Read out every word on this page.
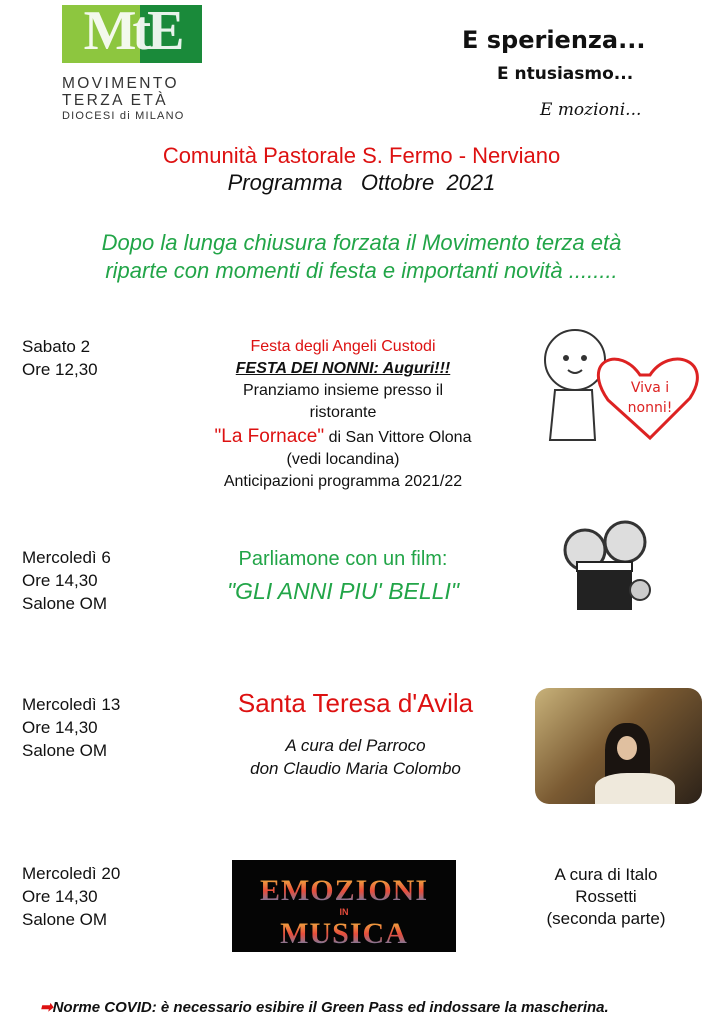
MtE
MOVIMENTO
TERZA ETÀ
DIOCESI di MILANO
E sperienza...
E ntusiasmo...
E mozioni...
Comunità Pastorale S. Fermo - Nerviano
Programma   Ottobre  2021
Dopo la lunga chiusura forzata il Movimento terza età
riparte con momenti di festa e importanti novità ........
Sabato 2
Ore 12,30
Festa degli Angeli Custodi
FESTA DEI NONNI: Auguri!!!
Pranziamo insieme presso il
ristorante
"La Fornace" di San Vittore Olona
(vedi locandina)
Anticipazioni programma 2021/22
Viva i
nonni!
Mercoledì 6
Ore 14,30
Salone OM
Parliamone con un film:
"GLI ANNI PIU' BELLI"
Mercoledì 13
Ore 14,30
Salone OM
Santa Teresa d'Avila
A cura del Parroco
don Claudio Maria Colombo
Mercoledì 20
Ore 14,30
Salone OM
EMOZIONI
IN
MUSICA
A cura di Italo
Rossetti
(seconda parte)
➡Norme COVID: è necessario esibire il Green Pass ed indossare la mascherina.
